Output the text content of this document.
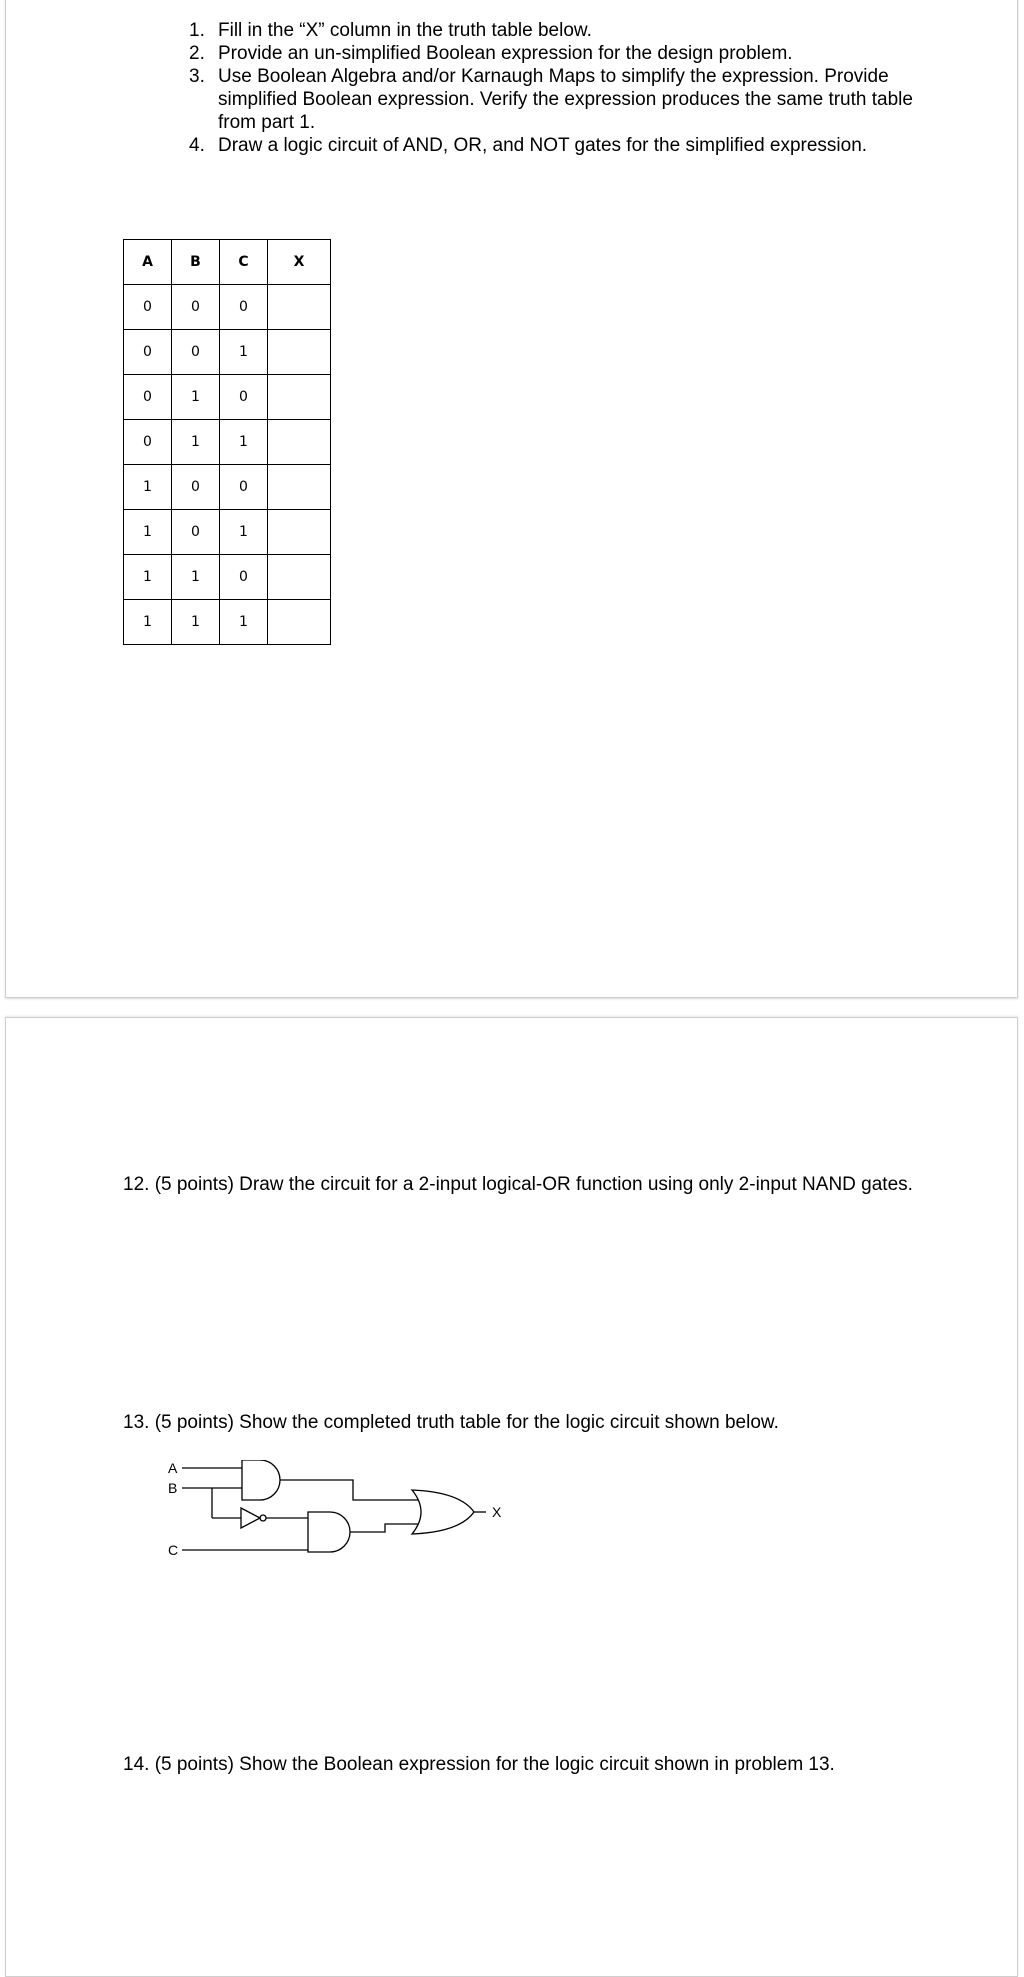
1. Fill in the “X” column in the truth table below.
2. Provide an un-simplified Boolean expression for the design problem.
3. Use Boolean Algebra and/or Karnaugh Maps to simplify the expression. Provide simplified Boolean expression. Verify the expression produces the same truth table from part 1.
4. Draw a logic circuit of AND, OR, and NOT gates for the simplified expression.
A	B	C	X
0	0	0	
0	0	1	
0	1	0	
0	1	1	
1	0	0	
1	0	1	
1	1	0	
1	1	1	
12. (5 points) Draw the circuit for a 2-input logical-OR function using only 2-input NAND gates.
13. (5 points) Show the completed truth table for the logic circuit shown below.
A
B
C
X
14. (5 points) Show the Boolean expression for the logic circuit shown in problem 13.
